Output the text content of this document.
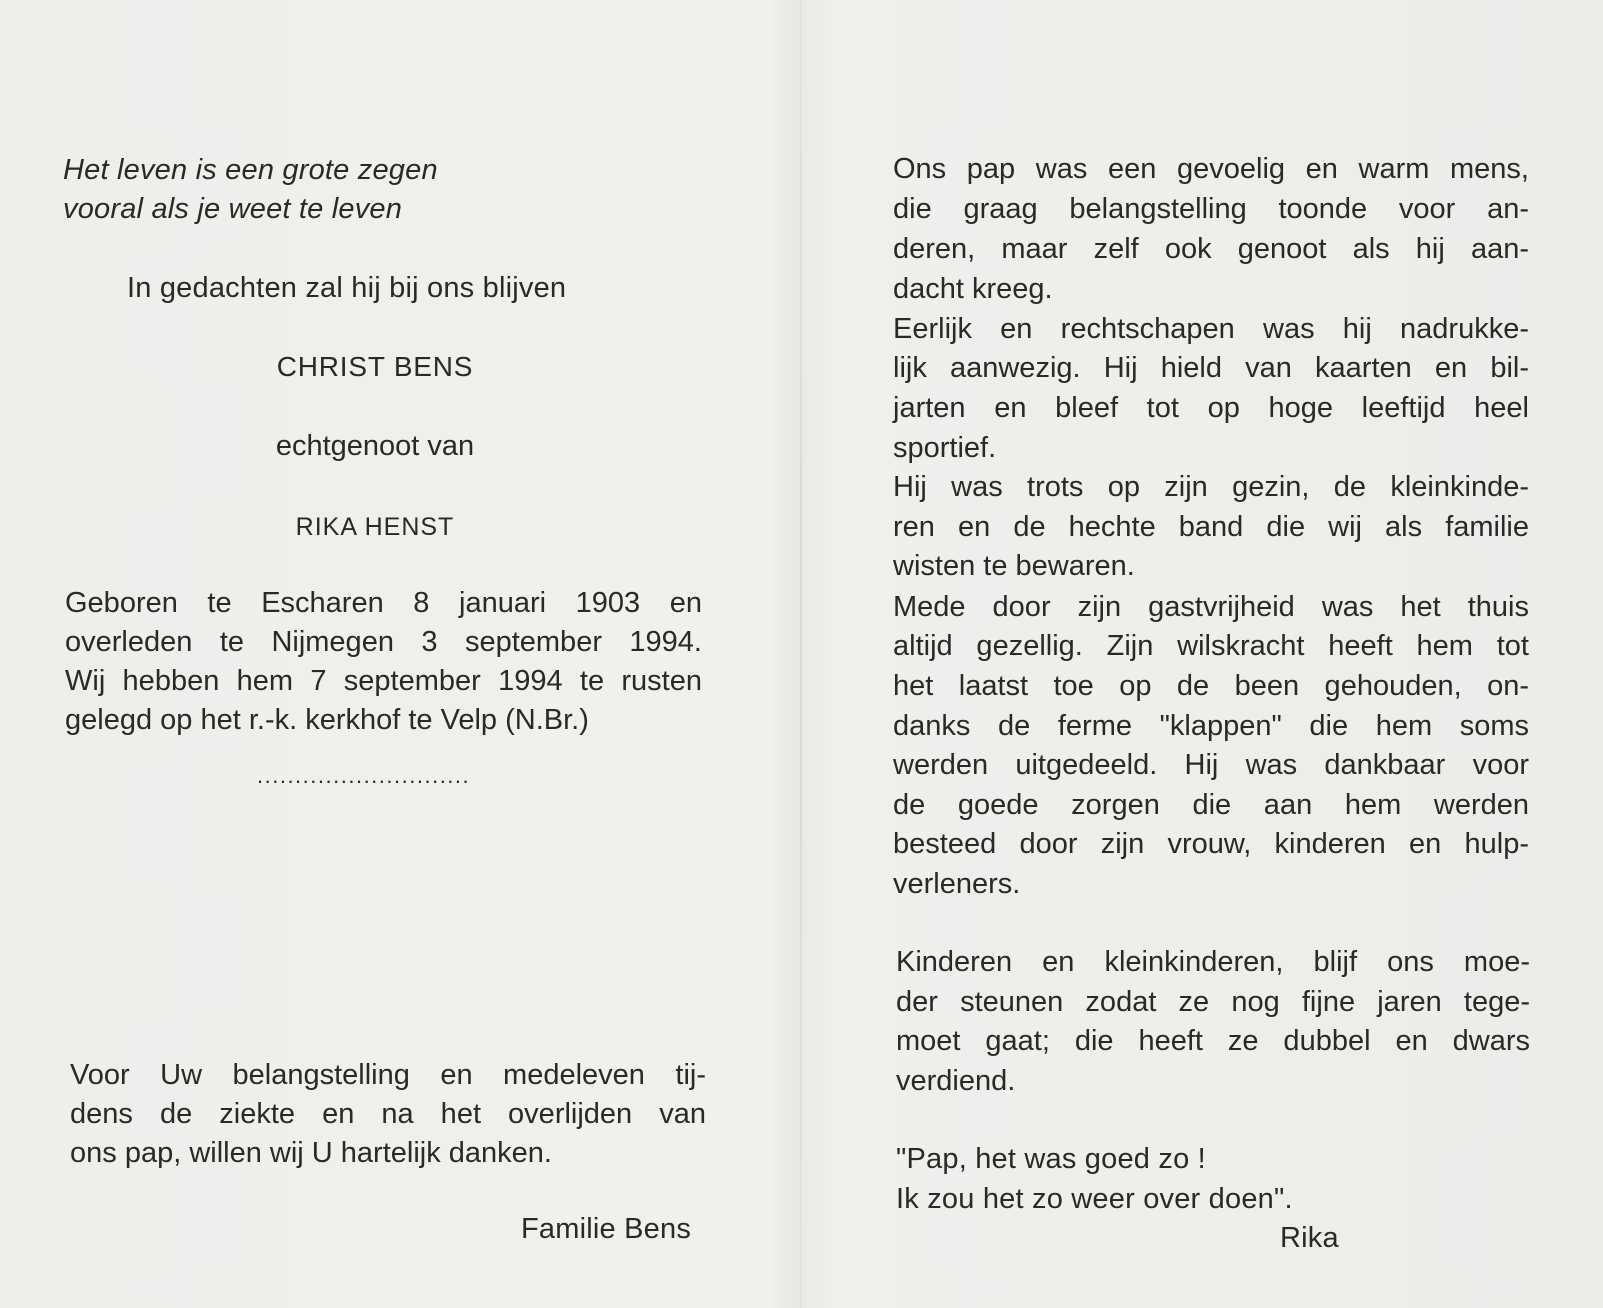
Het leven is een grote zegen
vooral als je weet te leven
In gedachten zal hij bij ons blijven
CHRIST BENS
echtgenoot van
RIKA HENST
Geboren te Escharen 8 januari 1903 en
overleden te Nijmegen 3 september 1994.
Wij hebben hem 7 september 1994 te rusten
gelegd op het r.-k. kerkhof te Velp (N.Br.)
............................
Voor Uw belangstelling en medeleven tij-
dens de ziekte en na het overlijden van
ons pap, willen wij U hartelijk danken.
Familie Bens
Ons pap was een gevoelig en warm mens,
die graag belangstelling toonde voor an-
deren, maar zelf ook genoot als hij aan-
dacht kreeg.
Eerlijk en rechtschapen was hij nadrukke-
lijk aanwezig. Hij hield van kaarten en bil-
jarten en bleef tot op hoge leeftijd heel
sportief.
Hij was trots op zijn gezin, de kleinkinde-
ren en de hechte band die wij als familie
wisten te bewaren.
Mede door zijn gastvrijheid was het thuis
altijd gezellig. Zijn wilskracht heeft hem tot
het laatst toe op de been gehouden, on-
danks de ferme "klappen" die hem soms
werden uitgedeeld. Hij was dankbaar voor
de goede zorgen die aan hem werden
besteed door zijn vrouw, kinderen en hulp-
verleners.
Kinderen en kleinkinderen, blijf ons moe-
der steunen zodat ze nog fijne jaren tege-
moet gaat; die heeft ze dubbel en dwars
verdiend.
"Pap, het was goed zo !
Ik zou het zo weer over doen".
Rika
